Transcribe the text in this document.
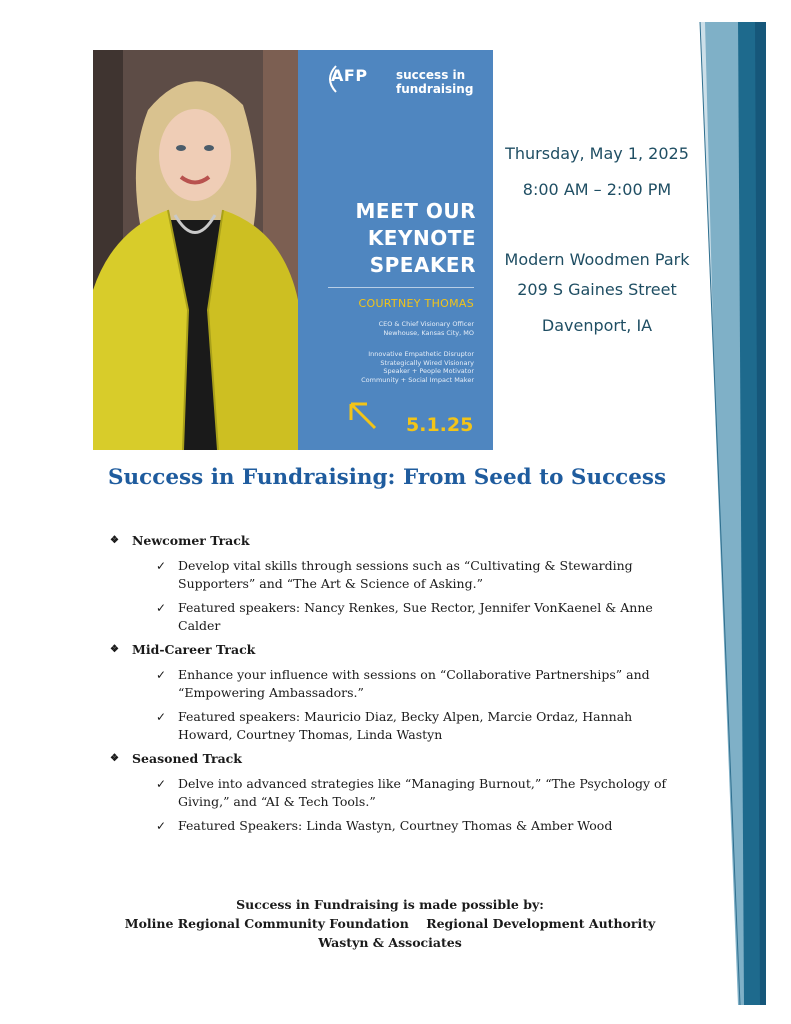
AFP success in
fundraising
MEET OUR
KEYNOTE
SPEAKER
COURTNEY THOMAS
CEO & Chief Visionary Officer
Newhouse, Kansas City, MO
Innovative Empathetic Disruptor
Strategically Wired Visionary
Speaker + People Motivator
Community + Social Impact Maker
5.1.25
Thursday, May 1, 2025
8:00 AM – 2:00 PM
Modern Woodmen Park
209 S Gaines Street
Davenport, IA
Success in Fundraising: From Seed to Success
❖ Newcomer Track
✓ Develop vital skills through sessions such as “Cultivating & Stewarding Supporters” and “The Art & Science of Asking.”
✓ Featured speakers: Nancy Renkes, Sue Rector, Jennifer VonKaenel & Anne Calder
❖ Mid-Career Track
✓ Enhance your influence with sessions on “Collaborative Partnerships” and “Empowering Ambassadors.”
✓ Featured speakers: Mauricio Diaz, Becky Alpen, Marcie Ordaz, Hannah Howard, Courtney Thomas, Linda Wastyn
❖ Seasoned Track
✓ Delve into advanced strategies like “Managing Burnout,” “The Psychology of Giving,” and “AI & Tech Tools.”
✓ Featured Speakers: Linda Wastyn, Courtney Thomas & Amber Wood
Success in Fundraising is made possible by:
Moline Regional Community Foundation    Regional Development Authority
Wastyn & Associates
